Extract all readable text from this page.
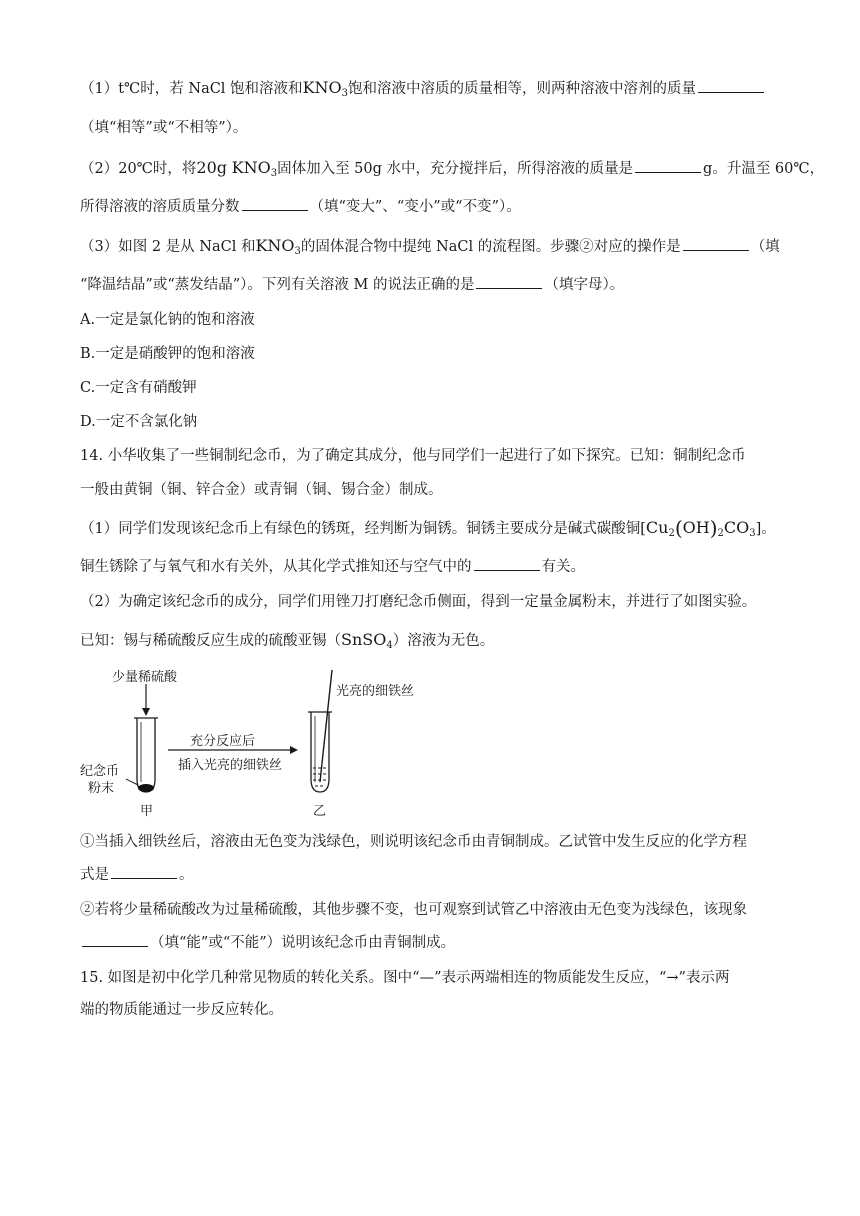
（1）t℃时，若 NaCl 饱和溶液和$KNO_3$饱和溶液中溶质的质量相等，则两种溶液中溶剂的质量
（填“相等”或“不相等”）。
（2）20℃时，将20g $KNO_3$固体加入至 50g 水中，充分搅拌后，所得溶液的质量是	g。升温至 60℃，
所得溶液的溶质质量分数	（填“变大”、“变小”或“不变”）。
（3）如图 2 是从 NaCl 和$KNO_3$的固体混合物中提纯 NaCl 的流程图。步骤②对应的操作是	（填
“降温结晶”或“蒸发结晶”）。下列有关溶液 M 的说法正确的是	（填字母）。
A.一定是氯化钠的饱和溶液
B.一定是硝酸钾的饱和溶液
C.一定含有硝酸钾
D.一定不含氯化钠
14. 小华收集了一些铜制纪念币，为了确定其成分，他与同学们一起进行了如下探究。已知：铜制纪念币
一般由黄铜（铜、锌合金）或青铜（铜、锡合金）制成。
（1）同学们发现该纪念币上有绿色的锈斑，经判断为铜锈。铜锈主要成分是碱式碳酸铜$[Cu_2(OH)_2CO_3]$。
铜生锈除了与氧气和水有关外，从其化学式推知还与空气中的	有关。
（2）为确定该纪念币的成分，同学们用锉刀打磨纪念币侧面，得到一定量金属粉末，并进行了如图实验。
已知：锡与稀硫酸反应生成的硫酸亚锡（SnSO$_4$）溶液为无色。
少量稀硫酸
纪念币
粉末
甲	乙
充分反应后
插入光亮的细铁丝
光亮的细铁丝
①当插入细铁丝后，溶液由无色变为浅绿色，则说明该纪念币由青铜制成。乙试管中发生反应的化学方程
式是	。
②若将少量稀硫酸改为过量稀硫酸，其他步骤不变，也可观察到试管乙中溶液由无色变为浅绿色，该现象
（填“能”或“不能”）说明该纪念币由青铜制成。
15. 如图是初中化学几种常见物质的转化关系。图中“—”表示两端相连的物质能发生反应，“→”表示两
端的物质能通过一步反应转化。
